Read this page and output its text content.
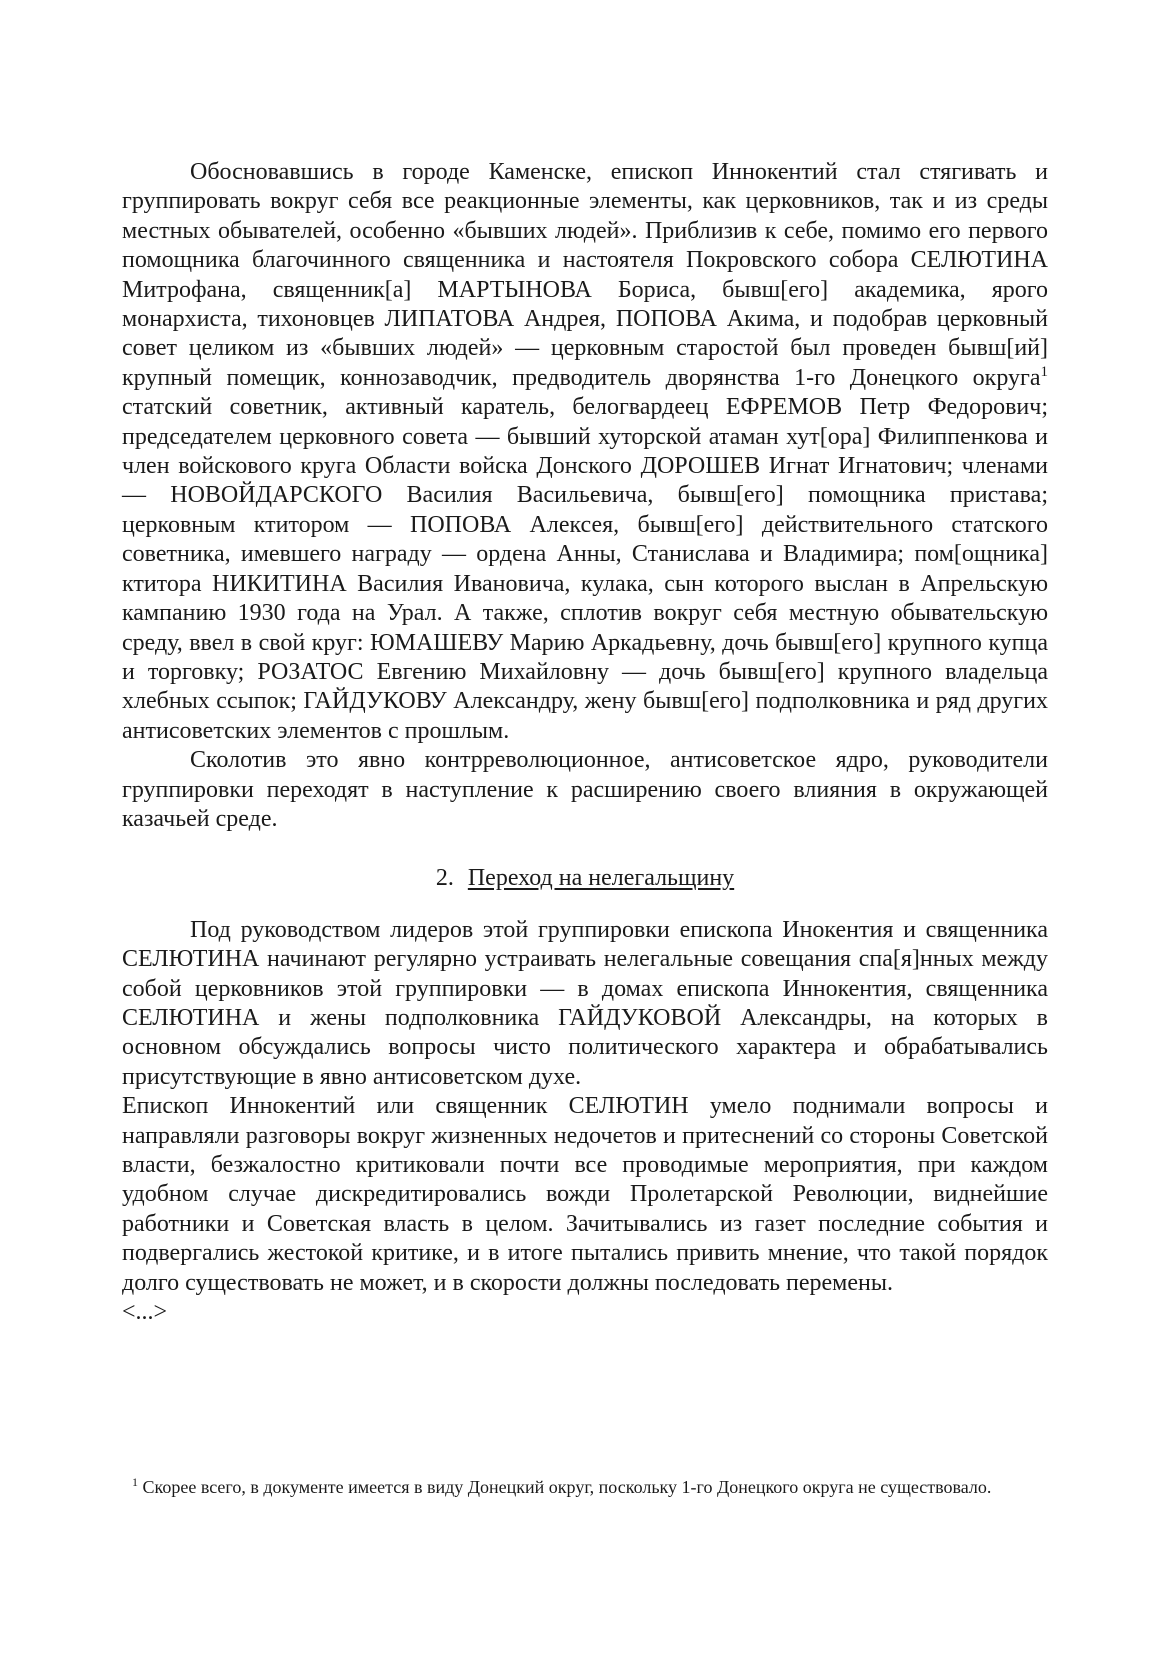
Обосновавшись в городе Каменске, епископ Иннокентий стал стягивать и группировать вокруг себя все реакционные элементы, как церковников, так и из среды местных обывателей, особенно «бывших людей». Приблизив к себе, помимо его первого помощника благочинного священника и настоятеля Покровского собора СЕЛЮТИНА Митрофана, священник[а] МАРТЫНОВА Бориса, бывш[его] академика, ярого монархиста, тихоновцев ЛИПАТОВА Андрея, ПОПОВА Акима, и подобрав церковный совет целиком из «бывших людей» — церковным старостой был проведен бывш[ий] крупный помещик, коннозаводчик, предводитель дворянства 1-го Донецкого округа$^1$ статский советник, активный каратель, белогвардеец ЕФРЕМОВ Петр Федорович; председателем церковного совета — бывший хуторской атаман хут[ора] Филиппенкова и член войскового круга Области войска Донского ДОРОШЕВ Игнат Игнатович; членами — НОВОЙДАРСКОГО Василия Васильевича, бывш[его] помощника пристава; церковным ктитором — ПОПОВА Алексея, бывш[его] действительного статского советника, имевшего награду — ордена Анны, Станислава и Владимира; пом[ощника] ктитора НИКИТИНА Василия Ивановича, кулака, сын которого выслан в Апрельскую кампанию 1930 года на Урал. А также, сплотив вокруг себя местную обывательскую среду, ввел в свой круг: ЮМАШЕВУ Марию Аркадьевну, дочь бывш[его] крупного купца и торговку; РОЗАТОС Евгению Михайловну — дочь бывш[его] крупного владельца хлебных ссыпок; ГАЙДУКОВУ Александру, жену бывш[его] подполковника и ряд других антисоветских элементов с прошлым.

Сколотив это явно контрреволюционное, антисоветское ядро, руководители группировки переходят в наступление к расширению своего влияния в окружающей казачьей среде.

2. Переход на нелегальщину

Под руководством лидеров этой группировки епископа Инокентия и священника СЕЛЮТИНА начинают регулярно устраивать нелегальные совещания спа[я]нных между собой церковников этой группировки — в домах епископа Иннокентия, священника СЕЛЮТИНА и жены подполковника ГАЙДУКОВОЙ Александры, на которых в основном обсуждались вопросы чисто политического характера и обрабатывались присутствующие в явно антисоветском духе.

Епископ Иннокентий или священник СЕЛЮТИН умело поднимали вопросы и направляли разговоры вокруг жизненных недочетов и притеснений со стороны Советской власти, безжалостно критиковали почти все проводимые мероприятия, при каждом удобном случае дискредитировались вожди Пролетарской Революции, виднейшие работники и Советская власть в целом. Зачитывались из газет последние события и подвергались жестокой критике, и в итоге пытались привить мнение, что такой порядок долго существовать не может, и в скорости должны последовать перемены.

<...>

$^1$ Скорее всего, в документе имеется в виду Донецкий округ, поскольку 1-го Донецкого округа не существовало.
